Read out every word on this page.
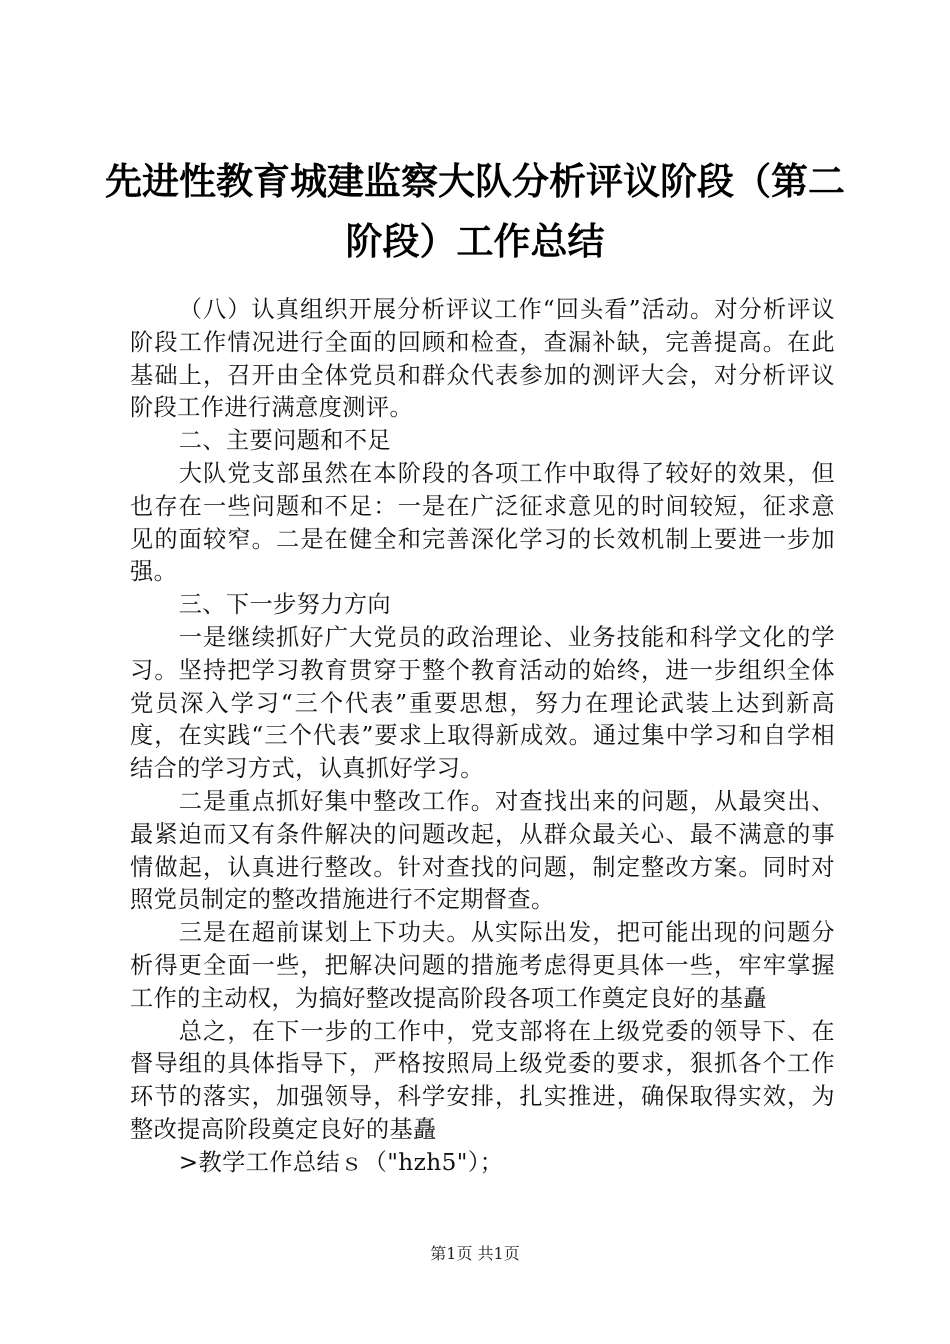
先进性教育城建监察大队分析评议阶段（第二
阶段）工作总结

（八）认真组织开展分析评议工作“回头看”活动。对分析评议阶段工作情况进行全面的回顾和检查，查漏补缺，完善提高。在此基础上，召开由全体党员和群众代表参加的测评大会，对分析评议阶段工作进行满意度测评。

二、主要问题和不足

大队党支部虽然在本阶段的各项工作中取得了较好的效果，但也存在一些问题和不足：一是在广泛征求意见的时间较短，征求意见的面较窄。二是在健全和完善深化学习的长效机制上要进一步加强。

三、下一步努力方向

一是继续抓好广大党员的政治理论、业务技能和科学文化的学习。坚持把学习教育贯穿于整个教育活动的始终，进一步组织全体党员深入学习“三个代表”重要思想，努力在理论武装上达到新高度，在实践“三个代表”要求上取得新成效。通过集中学习和自学相结合的学习方式，认真抓好学习。

二是重点抓好集中整改工作。对查找出来的问题，从最突出、最紧迫而又有条件解决的问题改起，从群众最关心、最不满意的事情做起，认真进行整改。针对查找的问题，制定整改方案。同时对照党员制定的整改措施进行不定期督查。

三是在超前谋划上下功夫。从实际出发，把可能出现的问题分析得更全面一些，把解决问题的措施考虑得更具体一些，牢牢掌握工作的主动权，为搞好整改提高阶段各项工作奠定良好的基矗

总之，在下一步的工作中，党支部将在上级党委的领导下、在督导组的具体指导下，严格按照局上级党委的要求，狠抓各个工作环节的落实，加强领导，科学安排，扎实推进，确保取得实效，为整改提高阶段奠定良好的基矗

>教学工作总结ｓ（"hzh5"）；

第1页 共1页
